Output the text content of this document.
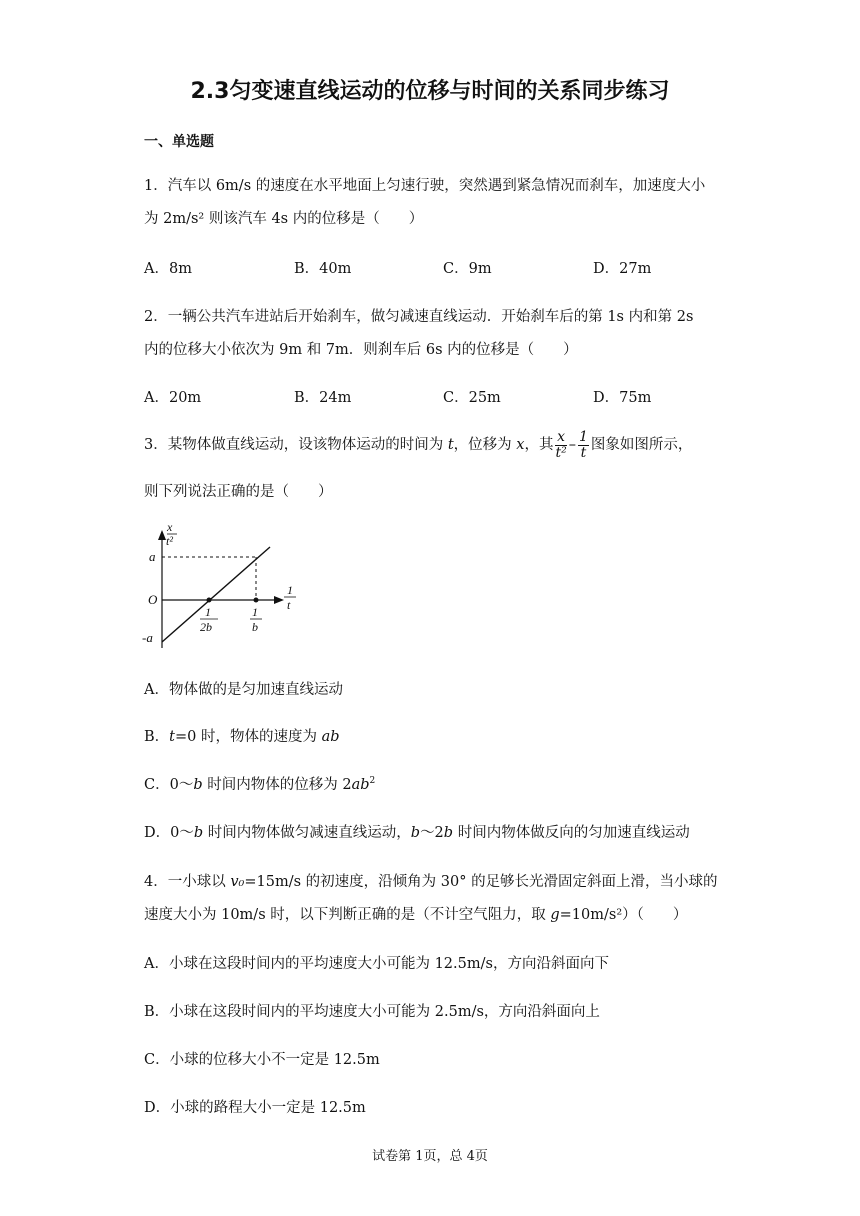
2.3匀变速直线运动的位移与时间的关系同步练习
一、单选题
1．汽车以 6m/s 的速度在水平地面上匀速行驶，突然遇到紧急情况而刹车，加速度大小
为 2m/s² 则该汽车 4s 内的位移是（　　）
A．8m	B．40m	C．9m	D．27m
2．一辆公共汽车进站后开始刹车，做匀减速直线运动．开始刹车后的第 1s 内和第 2s
内的位移大小依次为 9m 和 7m．则刹车后 6s 内的位移是（　　）
A．20m	B．24m	C．25m	D．75m
3．某物体做直线运动，设该物体运动的时间为 t，位移为 x，其 $\frac{x}{\text{t²}} - \frac{1}{t}$ 图象如图所示，
则下列说法正确的是（　　）
x
t²
a
O
-a
1
2b
1
b
1
t
A．物体做的是匀加速直线运动
B．t=0 时，物体的速度为 ab
C．0～b 时间内物体的位移为 $2ab^2$
D．0～b 时间内物体做匀减速直线运动，b～2b 时间内物体做反向的匀加速直线运动
4．一小球以 v₀=15m/s 的初速度，沿倾角为 30° 的足够长光滑固定斜面上滑，当小球的
速度大小为 10m/s 时，以下判断正确的是（不计空气阻力，取 g=10m/s²）（　　）
A．小球在这段时间内的平均速度大小可能为 12.5m/s，方向沿斜面向下
B．小球在这段时间内的平均速度大小可能为 2.5m/s，方向沿斜面向上
C．小球的位移大小不一定是 12.5m
D．小球的路程大小一定是 12.5m
试卷第 1页，总 4页
